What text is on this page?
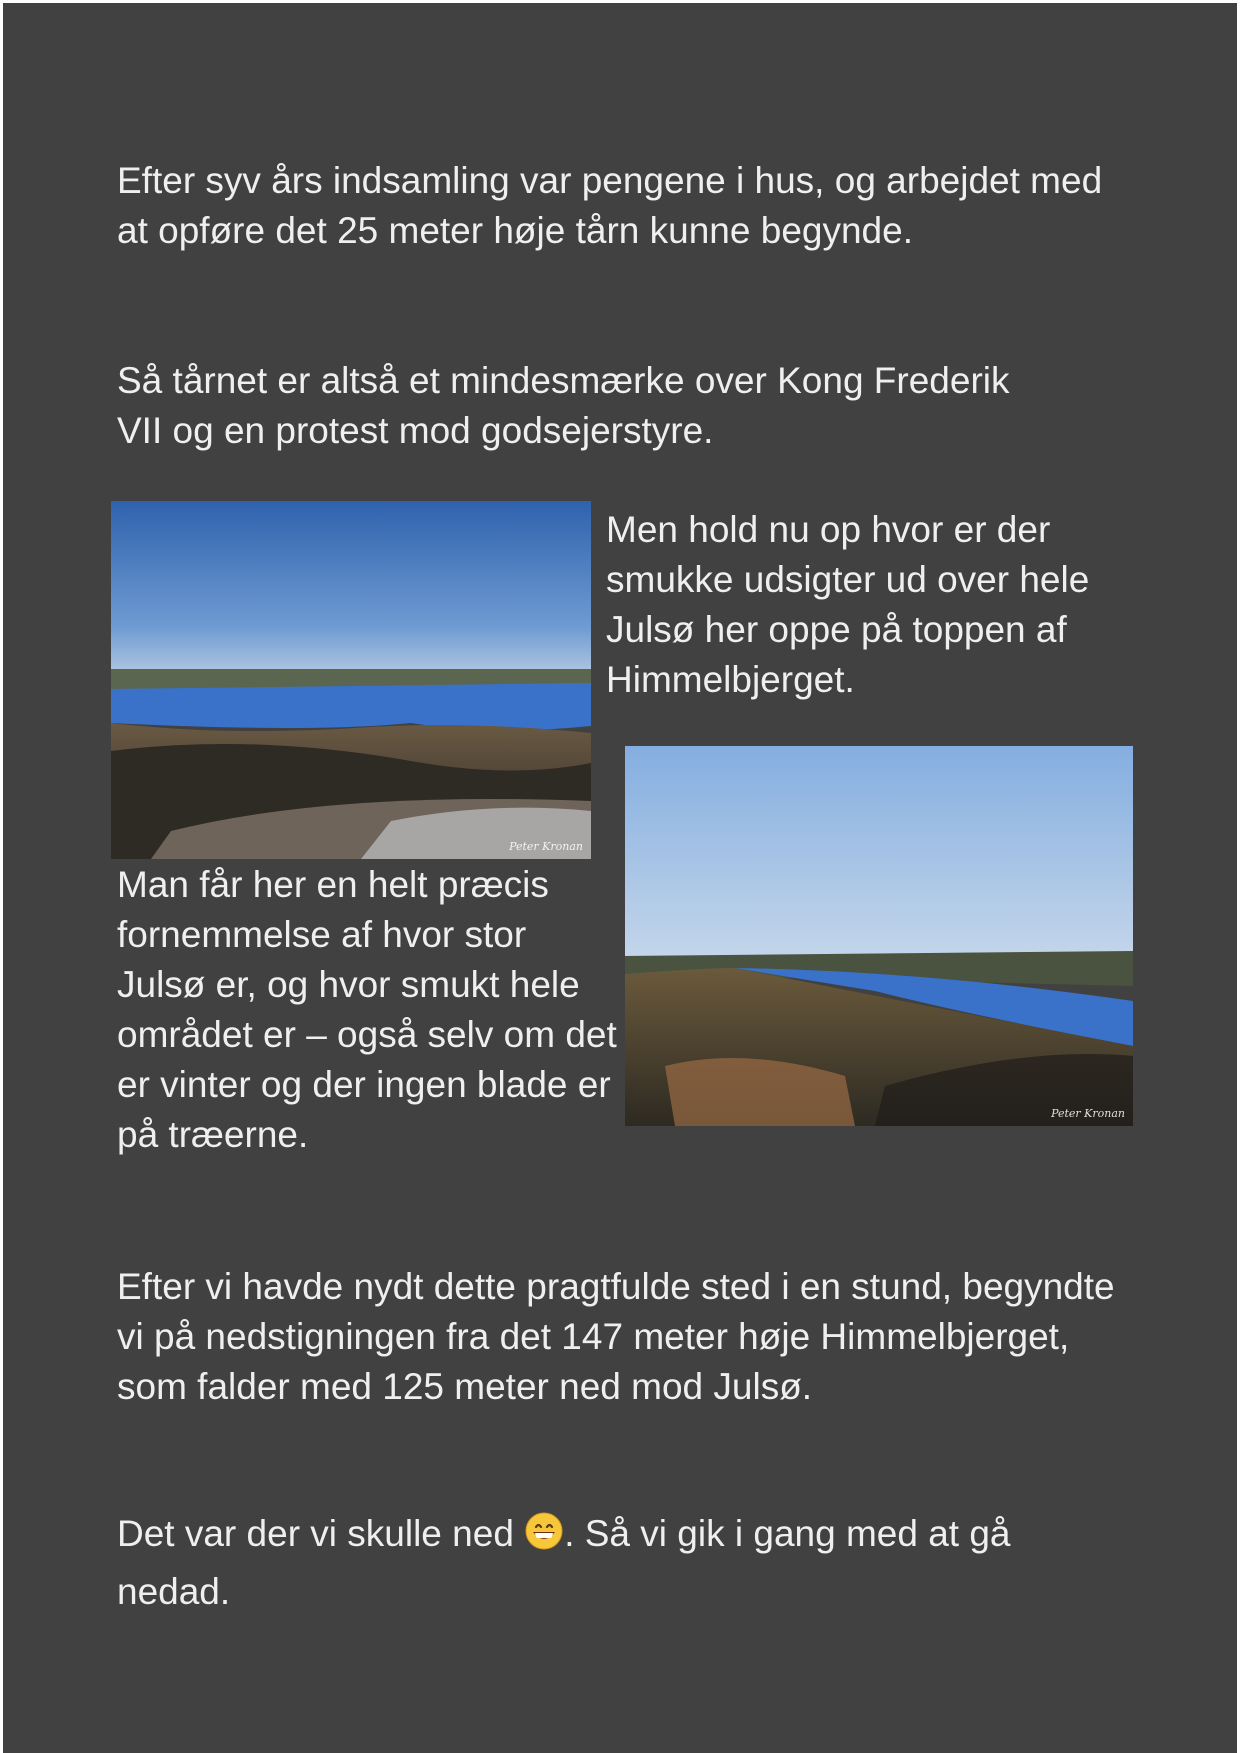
Efter syv års indsamling var pengene i hus, og arbejdet med at opføre det 25 meter høje tårn kunne begynde.

Så tårnet er altså et mindesmærke over Kong Frederik VII og en protest mod godsejerstyre.

Peter Kronan

Men hold nu op hvor er der smukke udsigter ud over hele Julsø her oppe på toppen af Himmelbjerget.

Peter Kronan

Man får her en helt præcis fornemmelse af hvor stor Julsø er, og hvor smukt hele området er – også selv om det er vinter og der ingen blade er på træerne.

Efter vi havde nydt dette pragtfulde sted i en stund, begyndte vi på nedstigningen fra det 147 meter høje Himmelbjerget, som falder med 125 meter ned mod Julsø.

Det var der vi skulle ned . Så vi gik i gang med at gå nedad.
